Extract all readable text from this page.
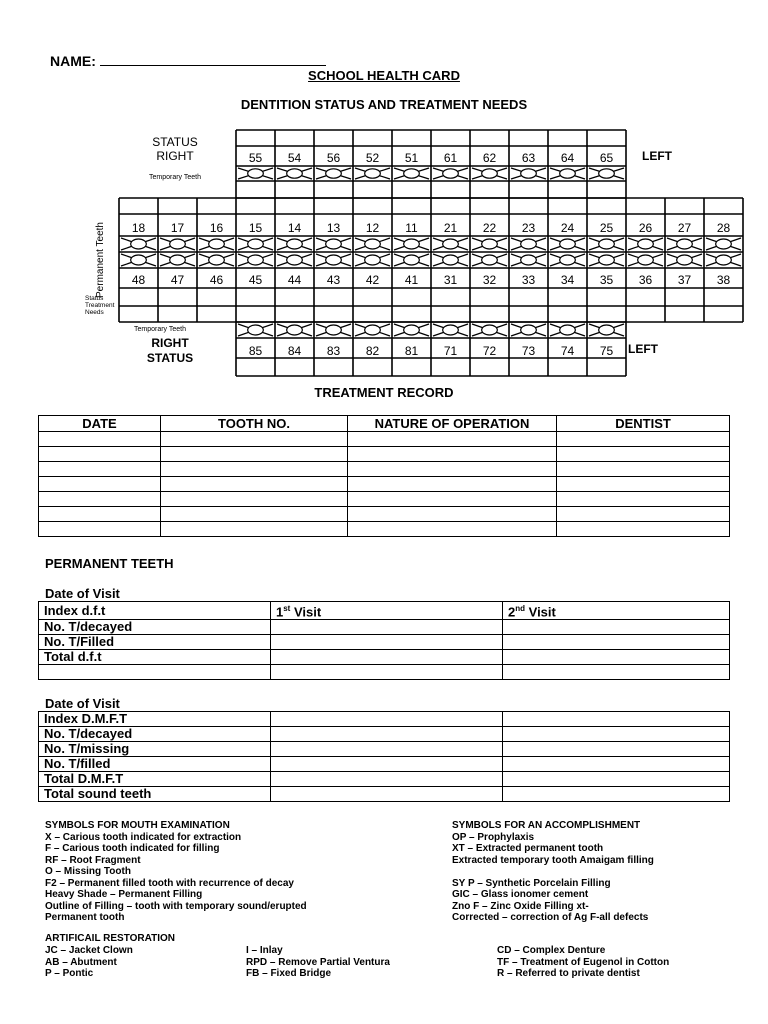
NAME:
SCHOOL HEALTH CARD
DENTITION STATUS AND TREATMENT NEEDS
55 54 56 52 51 61 62 63 64 65
18 17 16 15 14 13 12 11 21 22 23 24 25 26 27 28
48 47 46 45 44 43 42 41 31 32 33 34 35 36 37 38
85 84 83 82 81 71 72 73 74 75
STATUS
RIGHT	LEFT
Temporary Teeth
Permanent Teeth
Status
Treatment
Needs
Temporary Teeth
RIGHT
STATUS
LEFT
TREATMENT RECORD
DATE	TOOTH NO.	NATURE OF OPERATION	DENTIST

PERMANENT TEETH
Date of Visit
Index d.f.t	1st Visit	2nd Visit
No. T/decayed		
No. T/Filled		
Total d.f.t		

Date of Visit
Index D.M.F.T		
No. T/decayed		
No. T/missing		
No. T/filled		
Total D.M.F.T		
Total sound teeth		
SYMBOLS FOR MOUTH EXAMINATION
X – Carious tooth indicated for extraction
F – Carious tooth indicated for filling
RF – Root Fragment
O – Missing Tooth
F2 – Permanent filled tooth with recurrence of decay
Heavy Shade – Permanent Filling
Outline of Filling – tooth with temporary sound/erupted
Permanent tooth
SYMBOLS FOR AN ACCOMPLISHMENT
OP – Prophylaxis
XT – Extracted permanent tooth
Extracted temporary tooth Amaigam filling
SY P – Synthetic Porcelain Filling
GIC – Glass ionomer cement
Zno F – Zinc Oxide Filling xt-
Corrected – correction of Ag F-all defects
ARTIFICAIL RESTORATION
JC – Jacket Clown
AB – Abutment
P – Pontic
I – Inlay
RPD – Remove Partial Ventura
FB – Fixed Bridge
CD – Complex Denture
TF – Treatment of Eugenol in Cotton
R – Referred to private dentist
